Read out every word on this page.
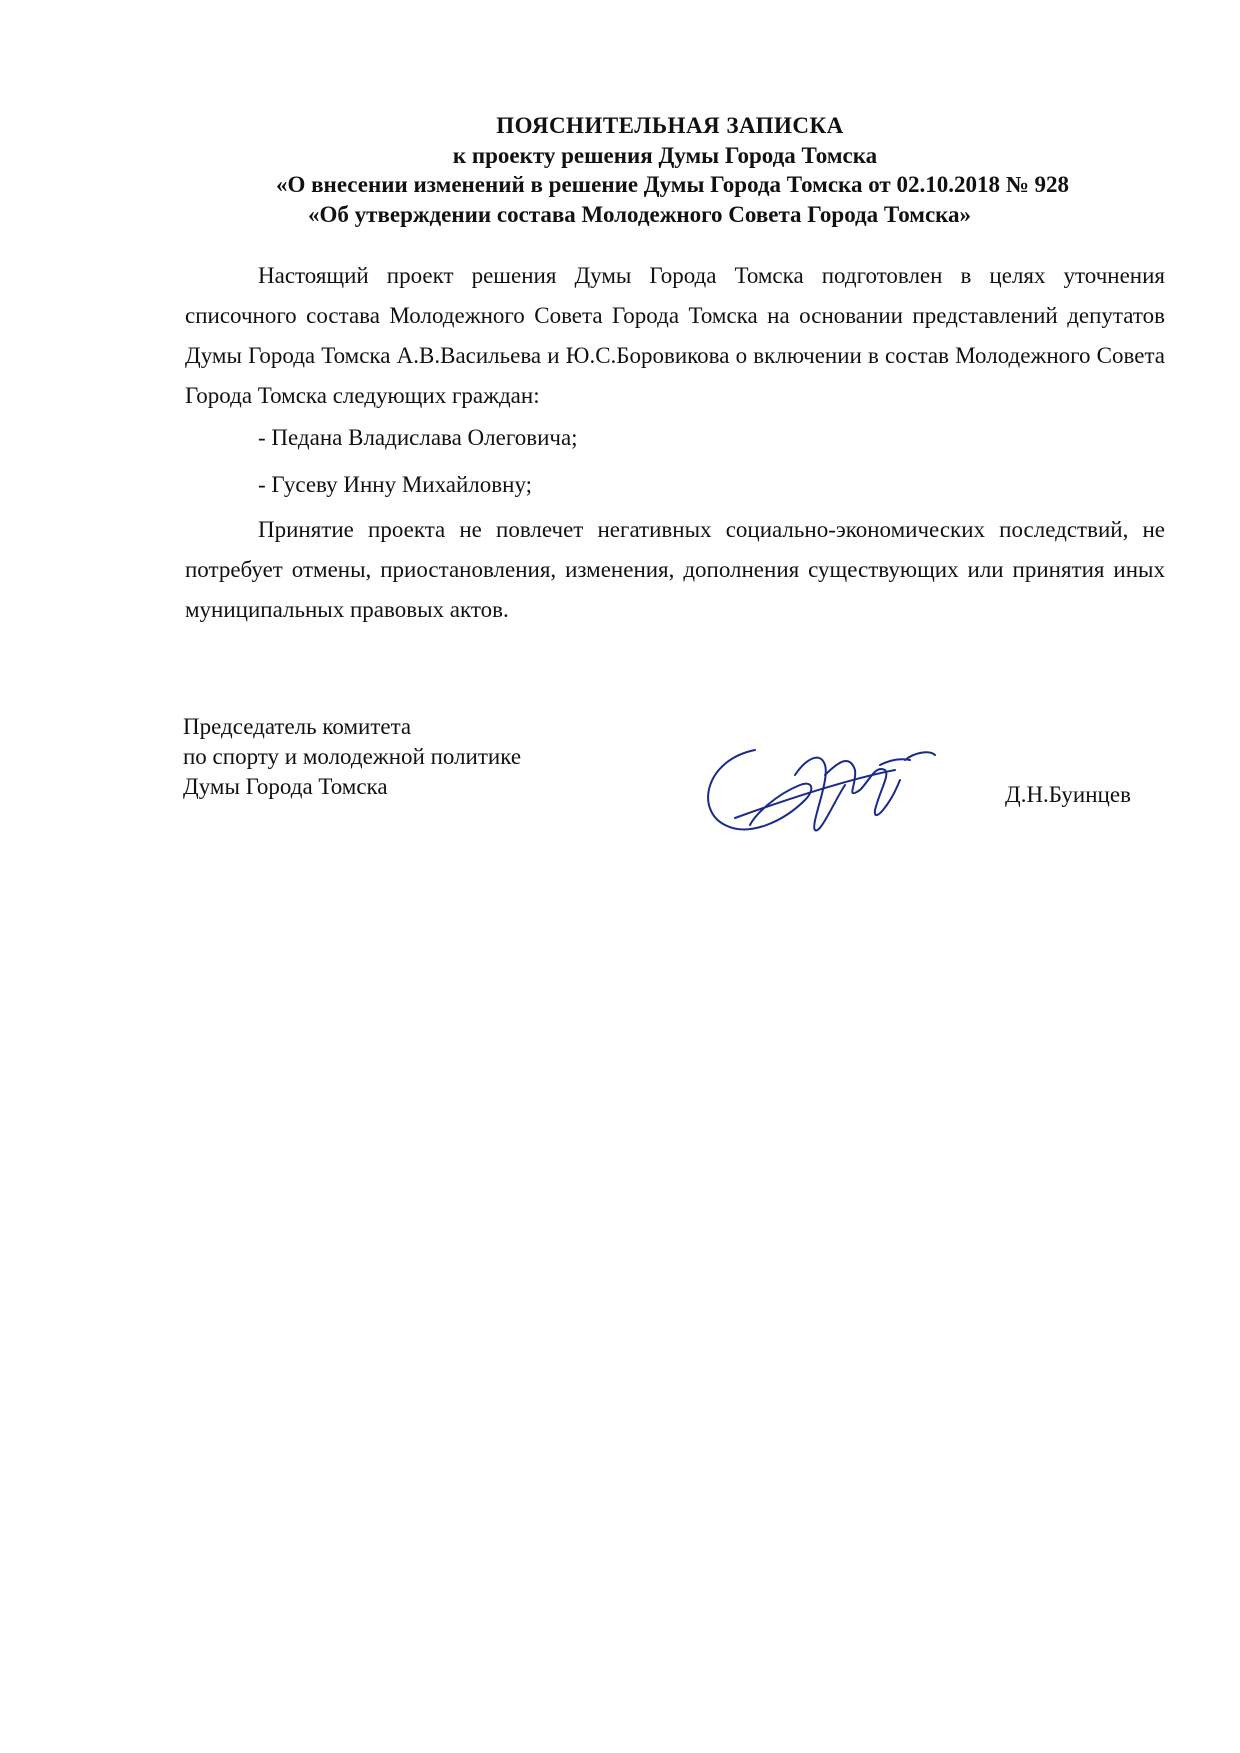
ПОЯСНИТЕЛЬНАЯ ЗАПИСКА
к проекту решения Думы Города Томска
«О внесении изменений в решение Думы Города Томска от 02.10.2018 № 928
«Об утверждении состава Молодежного Совета Города Томска»
Настоящий проект решения Думы Города Томска подготовлен в целях уточнения списочного состава Молодежного Совета Города Томска на основании представлений депутатов Думы Города Томска А.В.Васильева и Ю.С.Боровикова о включении в состав Молодежного Совета Города Томска следующих граждан:
- Педана Владислава Олеговича;
- Гусеву Инну Михайловну;
Принятие проекта не повлечет негативных социально-экономических последствий, не потребует отмены, приостановления, изменения, дополнения существующих или принятия иных муниципальных правовых актов.
Председатель комитета
по спорту и молодежной политике
Думы Города Томска	Д.Н.Буинцев
